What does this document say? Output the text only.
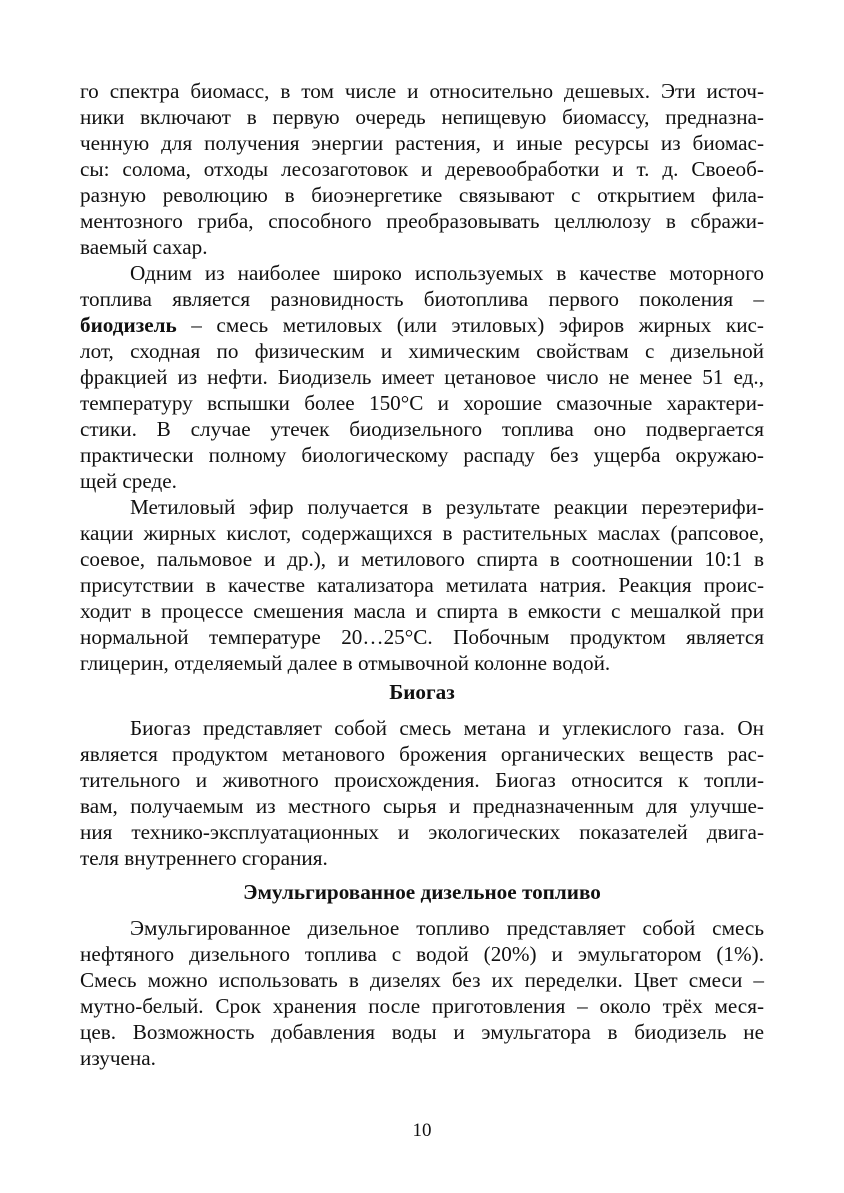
го спектра биомасс, в том числе и относительно дешевых. Эти источ-
ники включают в первую очередь непищевую биомассу, предназна-
ченную для получения энергии растения, и иные ресурсы из биомас-
сы: солома, отходы лесозаготовок и деревообработки и т. д. Своеоб-
разную революцию в биоэнергетике связывают с открытием фила-
ментозного гриба, способного преобразовывать целлюлозу в сбражи-
ваемый сахар.

Одним из наиболее широко используемых в качестве моторного
топлива является разновидность биотоплива первого поколения –
биодизель – смесь метиловых (или этиловых) эфиров жирных кис-
лот, сходная по физическим и химическим свойствам с дизельной
фракцией из нефти. Биодизель имеет цетановое число не менее 51 ед.,
температуру вспышки более 150°С и хорошие смазочные характери-
стики. В случае утечек биодизельного топлива оно подвергается
практически полному биологическому распаду без ущерба окружаю-
щей среде.

Метиловый эфир получается в результате реакции переэтерифи-
кации жирных кислот, содержащихся в растительных маслах (рапсовое,
соевое, пальмовое и др.), и метилового спирта в соотношении 10:1 в
присутствии в качестве катализатора метилата натрия. Реакция проис-
ходит в процессе смешения масла и спирта в емкости с мешалкой при
нормальной температуре 20…25°С. Побочным продуктом является
глицерин, отделяемый далее в отмывочной колонне водой.

Биогаз

Биогаз представляет собой смесь метана и углекислого газа. Он
является продуктом метанового брожения органических веществ рас-
тительного и животного происхождения. Биогаз относится к топли-
вам, получаемым из местного сырья и предназначенным для улучше-
ния технико-эксплуатационных и экологических показателей двига-
теля внутреннего сгорания.

Эмульгированное дизельное топливо

Эмульгированное дизельное топливо представляет собой смесь
нефтяного дизельного топлива с водой (20%) и эмульгатором (1%).
Смесь можно использовать в дизелях без их переделки. Цвет смеси –
мутно-белый. Срок хранения после приготовления – около трёх меся-
цев. Возможность добавления воды и эмульгатора в биодизель не
изучена.

10
